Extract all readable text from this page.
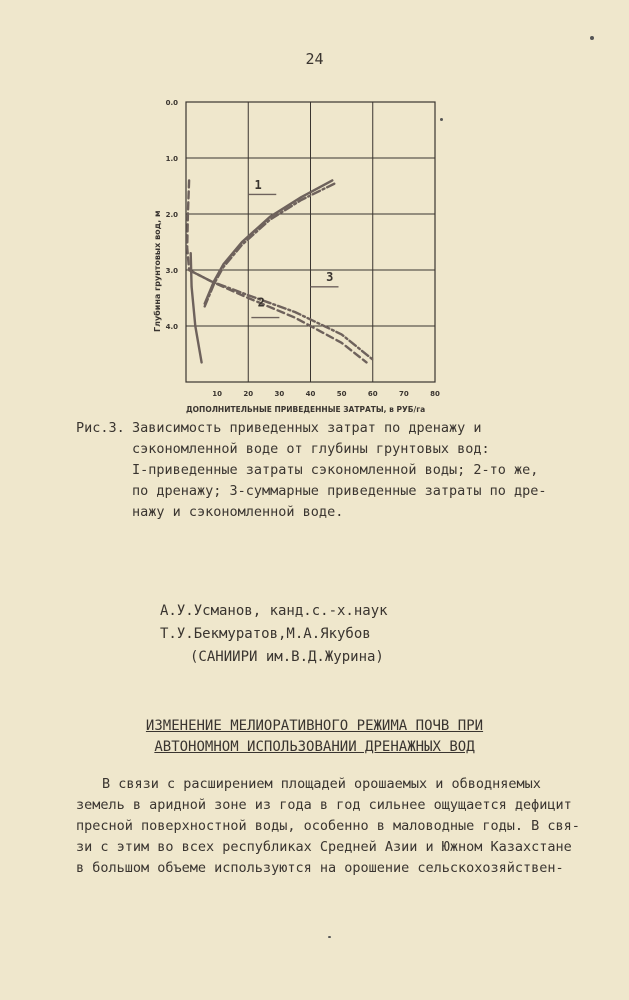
24
0.0
1.0
2.0
3.0
4.0
10	20	30	40	50	60	70	80
1
2
3
Глубина грунтовых вод, м
ДОПОЛНИТЕЛЬНЫЕ ПРИВЕДЕННЫЕ ЗАТРАТЫ, в РУБ/га
Рис.3. Зависимость приведенных затрат по дренажу и
сэкономленной воде от глубины грунтовых вод:
I-приведенные затраты сэкономленной воды; 2-то же,
по дренажу; 3-суммарные приведенные затраты по дре-
нажу и сэкономленной воде.
А.У.Усманов, канд.с.-х.наук
Т.У.Бекмуратов,М.А.Якубов
(САНИИРИ им.В.Д.Журина)
ИЗМЕНЕНИЕ МЕЛИОРАТИВНОГО РЕЖИМА ПОЧВ ПРИ
АВТОНОМНОМ ИСПОЛЬЗОВАНИИ ДРЕНАЖНЫХ ВОД
В связи с расширением площадей орошаемых и обводняемых
земель в аридной зоне из года в год сильнее ощущается дефицит
пресной поверхностной воды, особенно в маловодные годы. В свя-
зи с этим во всех республиках Средней Азии и Южном Казахстане
в большом объеме используются на орошение сельскохозяйствен-
